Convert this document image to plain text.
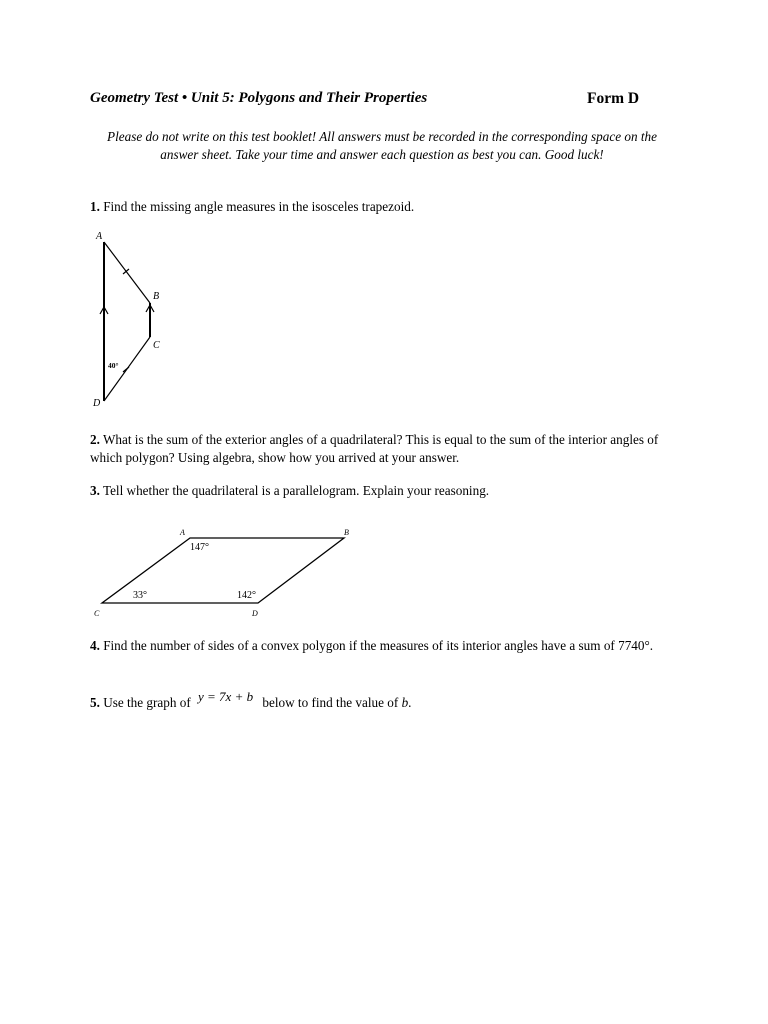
Geometry Test • Unit 5: Polygons and Their Properties	Form D
Please do not write on this test booklet! All answers must be recorded in the corresponding space on the answer sheet. Take your time and answer each question as best you can. Good luck!
1. Find the missing angle measures in the isosceles trapezoid.
A
B
C
D
40°
2. What is the sum of the exterior angles of a quadrilateral? This is equal to the sum of the interior angles of which polygon? Using algebra, show how you arrived at your answer.
3. Tell whether the quadrilateral is a parallelogram. Explain your reasoning.
A	B
C	D
147°
33°	142°
4. Find the number of sides of a convex polygon if the measures of its interior angles have a sum of 7740°.
5. Use the graph of y = 7x + b below to find the value of b.
